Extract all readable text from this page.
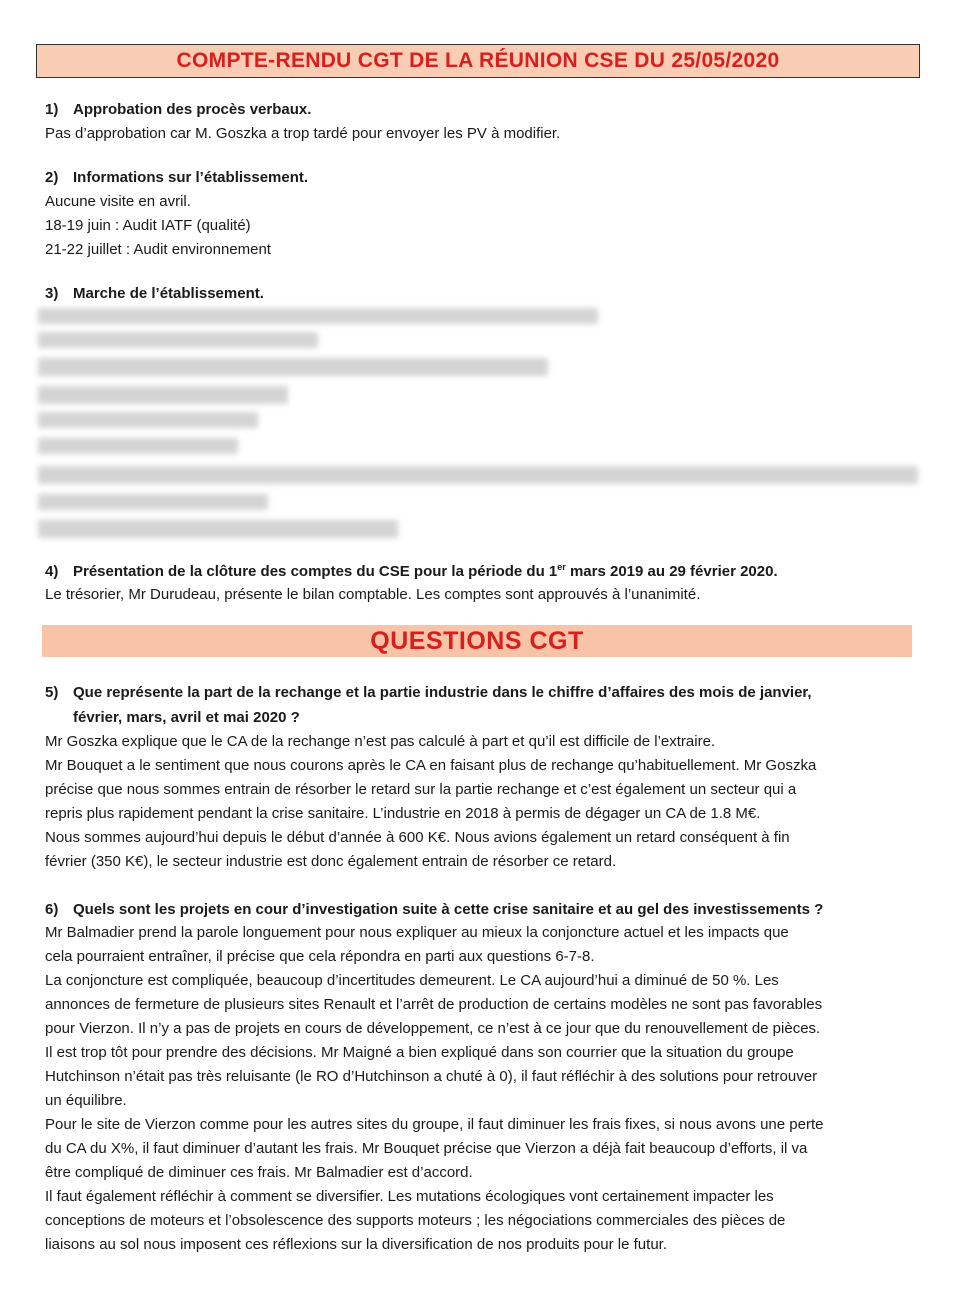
COMPTE-RENDU CGT DE LA RÉUNION CSE DU 25/05/2020
1) Approbation des procès verbaux.
Pas d’approbation car M. Goszka a trop tardé pour envoyer les PV à modifier.
2) Informations sur l’établissement.
Aucune visite en avril.
18-19 juin : Audit IATF (qualité)
21-22 juillet : Audit environnement
3) Marche de l’établissement.
4) Présentation de la clôture des comptes du CSE pour la période du 1er mars 2019 au 29 février 2020.
Le trésorier, Mr Durudeau, présente le bilan comptable. Les comptes sont approuvés à l’unanimité.
QUESTIONS CGT
5) Que représente la part de la rechange et la partie industrie dans le chiffre d’affaires des mois de janvier,
février, mars, avril et mai 2020 ?
Mr Goszka explique que le CA de la rechange n’est pas calculé à part et qu’il est difficile de l’extraire.
Mr Bouquet a le sentiment que nous courons après le CA en faisant plus de rechange qu’habituellement. Mr Goszka
précise que nous sommes entrain de résorber le retard sur la partie rechange et c’est également un secteur qui a
repris plus rapidement pendant la crise sanitaire. L’industrie en 2018 à permis de dégager un CA de 1.8 M€.
Nous sommes aujourd’hui depuis le début d’année à 600 K€. Nous avions également un retard conséquent à fin
février (350 K€), le secteur industrie est donc également entrain de résorber ce retard.
6) Quels sont les projets en cour d’investigation suite à cette crise sanitaire et au gel des investissements ?
Mr Balmadier prend la parole longuement pour nous expliquer au mieux la conjoncture actuel et les impacts que
cela pourraient entraîner, il précise que cela répondra en parti aux questions 6-7-8.
La conjoncture est compliquée, beaucoup d’incertitudes demeurent. Le CA aujourd’hui a diminué de 50 %. Les
annonces de fermeture de plusieurs sites Renault et l’arrêt de production de certains modèles ne sont pas favorables
pour Vierzon. Il n’y a pas de projets en cours de développement, ce n’est à ce jour que du renouvellement de pièces.
Il est trop tôt pour prendre des décisions. Mr Maigné a bien expliqué dans son courrier que la situation du groupe
Hutchinson n’était pas très reluisante (le RO d’Hutchinson a chuté à 0), il faut réfléchir à des solutions pour retrouver
un équilibre.
Pour le site de Vierzon comme pour les autres sites du groupe, il faut diminuer les frais fixes, si nous avons une perte
du CA du X%, il faut diminuer d’autant les frais. Mr Bouquet précise que Vierzon a déjà fait beaucoup d’efforts, il va
être compliqué de diminuer ces frais. Mr Balmadier est d’accord.
Il faut également réfléchir à comment se diversifier. Les mutations écologiques vont certainement impacter les
conceptions de moteurs et l’obsolescence des supports moteurs ; les négociations commerciales des pièces de
liaisons au sol nous imposent ces réflexions sur la diversification de nos produits pour le futur.
